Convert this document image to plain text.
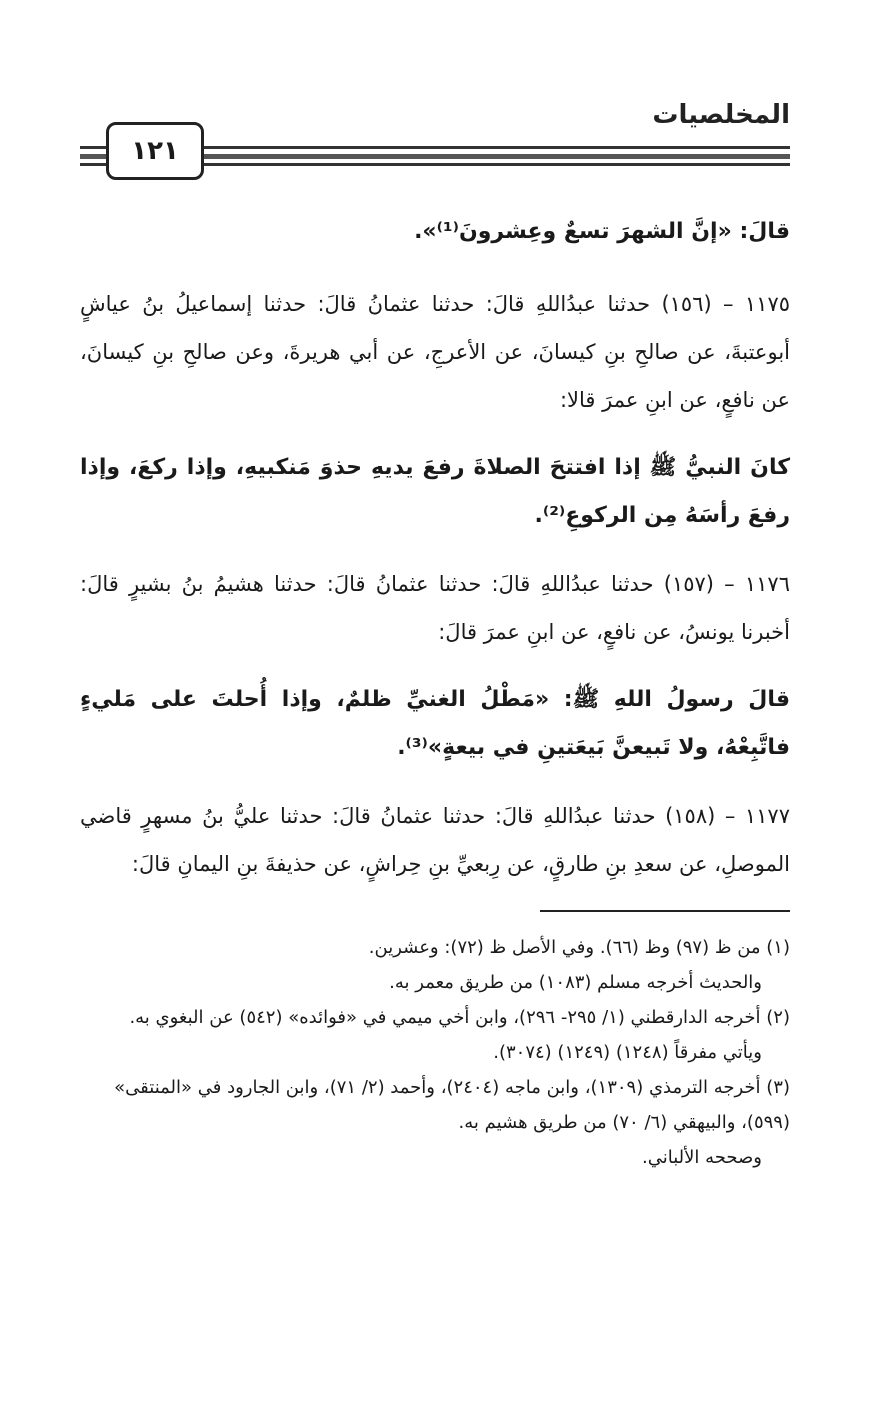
المخلصيات
١٢١

قالَ: «إنَّ الشهرَ تسعٌ وعِشرونَ⁽¹⁾».

١١٧٥ – (١٥٦) حدثنا عبدُاللهِ قالَ: حدثنا عثمانُ قالَ: حدثنا إسماعيلُ بنُ عياشٍ أبوعتبةَ، عن صالحِ بنِ كيسانَ، عن الأعرجِ، عن أبي هريرةَ، وعن صالحِ بنِ كيسانَ، عن نافعٍ، عن ابنِ عمرَ قالا:

كانَ النبيُّ ﷺ إذا افتتحَ الصلاةَ رفعَ يديهِ حذوَ مَنكبيهِ، وإذا ركعَ، وإذا رفعَ رأسَهُ مِن الركوعِ⁽²⁾.

١١٧٦ – (١٥٧) حدثنا عبدُاللهِ قالَ: حدثنا عثمانُ قالَ: حدثنا هشيمُ بنُ بشيرٍ قالَ: أخبرنا يونسُ، عن نافعٍ، عن ابنِ عمرَ قالَ:

قالَ رسولُ اللهِ ﷺ: «مَطْلُ الغنيِّ ظلمٌ، وإذا أُحلتَ على مَليءٍ فاتَّبِعْهُ، ولا تَبيعنَّ بَيعَتينِ في بيعةٍ»⁽³⁾.

١١٧٧ – (١٥٨) حدثنا عبدُاللهِ قالَ: حدثنا عثمانُ قالَ: حدثنا عليُّ بنُ مسهرٍ قاضي الموصلِ، عن سعدِ بنِ طارقٍ، عن رِبعيِّ بنِ حِراشٍ، عن حذيفةَ بنِ اليمانِ قالَ:

(١) من ظ (٩٧) وظ (٦٦). وفي الأصل ظ (٧٢): وعشرين.

والحديث أخرجه مسلم (١٠٨٣) من طريق معمر به.

(٢) أخرجه الدارقطني (١/ ٢٩٥- ٢٩٦)، وابن أخي ميمي في «فوائده» (٥٤٢) عن البغوي به.

ويأتي مفرقاً (١٢٤٨) (١٢٤٩) (٣٠٧٤).

(٣) أخرجه الترمذي (١٣٠٩)، وابن ماجه (٢٤٠٤)، وأحمد (٢/ ٧١)، وابن الجارود في «المنتقى» (٥٩٩)، والبيهقي (٦/ ٧٠) من طريق هشيم به.

وصححه الألباني.
